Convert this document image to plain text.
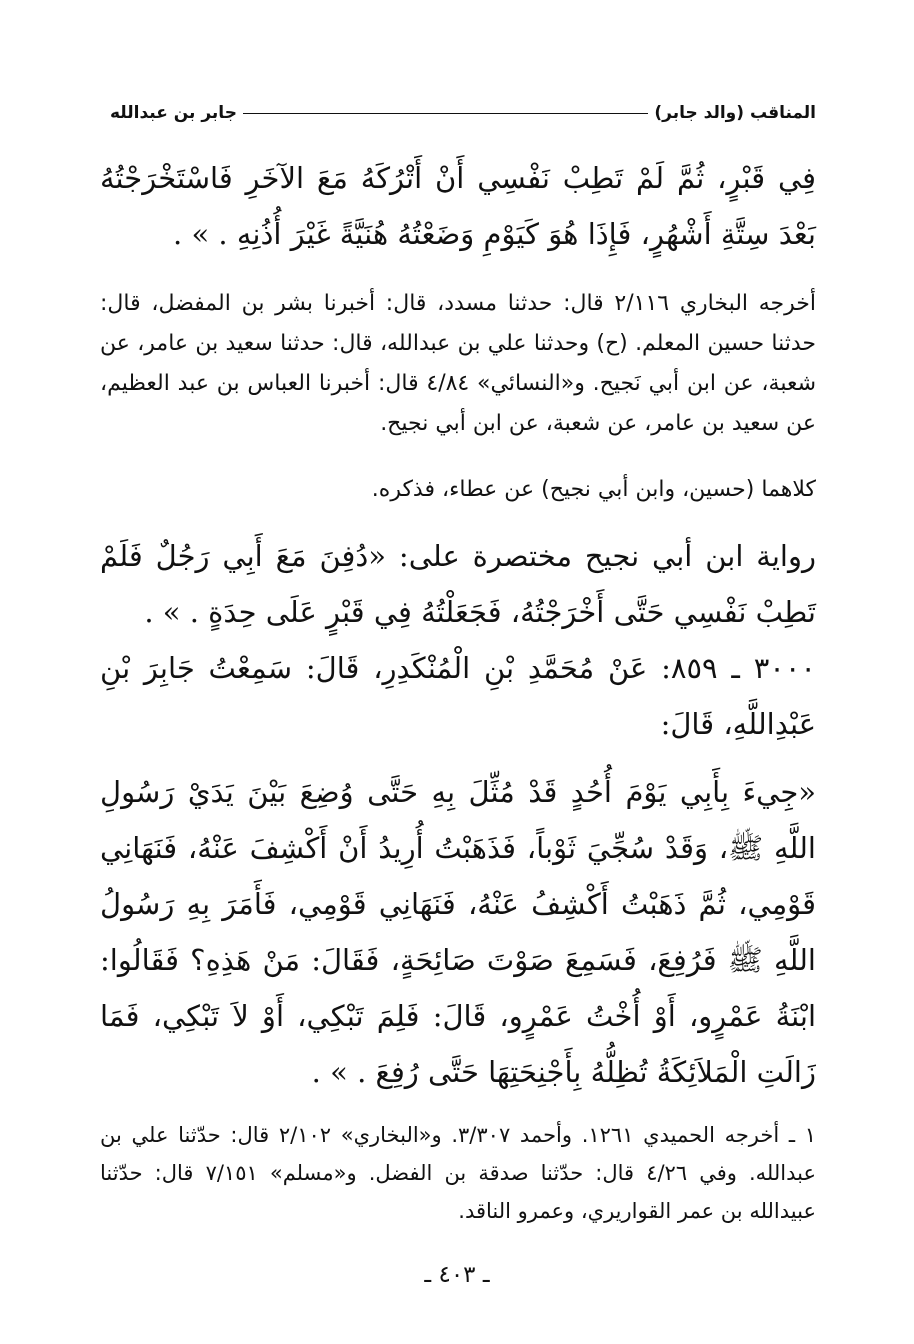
المناقب (والد جابر)
جابر بن عبدالله

فِي قَبْرٍ، ثُمَّ لَمْ تَطِبْ نَفْسِي أَنْ أَتْرُكَهُ مَعَ الآخَرِ فَاسْتَخْرَجْتُهُ بَعْدَ سِتَّةِ أَشْهُرٍ، فَإِذَا هُوَ كَيَوْمِ وَضَعْتُهُ هُنَيَّةً غَيْرَ أُذُنِهِ . » .

أخرجه البخاري ٢/١١٦ قال: حدثنا مسدد، قال: أخبرنا بشر بن المفضل، قال: حدثنا حسين المعلم. (ح) وحدثنا علي بن عبدالله، قال: حدثنا سعيد بن عامر، عن شعبة، عن ابن أبي نَجيح. و«النسائي» ٤/٨٤ قال: أخبرنا العباس بن عبد العظيم، عن سعيد بن عامر، عن شعبة، عن ابن أبي نجيح.

كلاهما (حسين، وابن أبي نجيح) عن عطاء، فذكره.

رواية ابن أبي نجيح مختصرة على: «دُفِنَ مَعَ أَبِي رَجُلٌ فَلَمْ تَطِبْ نَفْسِي حَتَّى أَخْرَجْتُهُ، فَجَعَلْتُهُ فِي قَبْرٍ عَلَى حِدَةٍ . » .

٣٠٠٠ ـ ٨٥٩: عَنْ مُحَمَّدِ بْنِ الْمُنْكَدِرِ، قَالَ: سَمِعْتُ جَابِرَ بْنِ عَبْدِاللَّهِ، قَالَ:

«جِيءَ بِأَبِي يَوْمَ أُحُدٍ قَدْ مُثِّلَ بِهِ حَتَّى وُضِعَ بَيْنَ يَدَيْ رَسُولِ اللَّهِ ﷺ، وَقَدْ سُجِّيَ ثَوْباً، فَذَهَبْتُ أُرِيدُ أَنْ أَكْشِفَ عَنْهُ، فَنَهَانِي قَوْمِي، ثُمَّ ذَهَبْتُ أَكْشِفُ عَنْهُ، فَنَهَانِي قَوْمِي، فَأَمَرَ بِهِ رَسُولُ اللَّهِ ﷺ فَرُفِعَ، فَسَمِعَ صَوْتَ صَائِحَةٍ، فَقَالَ: مَنْ هَذِهِ؟ فَقَالُوا: ابْنَةُ عَمْرٍو، أَوْ أُخْتُ عَمْرٍو، قَالَ: فَلِمَ تَبْكِي، أَوْ لاَ تَبْكِي، فَمَا زَالَتِ الْمَلاَئِكَةُ تُظِلُّهُ بِأَجْنِحَتِهَا حَتَّى رُفِعَ . » .

١ ـ أخرجه الحميدي ١٢٦١. وأحمد ٣/٣٠٧. و«البخاري» ٢/١٠٢ قال: حدّثنا علي بن عبدالله. وفي ٤/٢٦ قال: حدّثنا صدقة بن الفضل. و«مسلم» ٧/١٥١ قال: حدّثنا عبيدالله بن عمر القواريري، وعمرو الناقد.

ـ ٤٠٣ ـ
